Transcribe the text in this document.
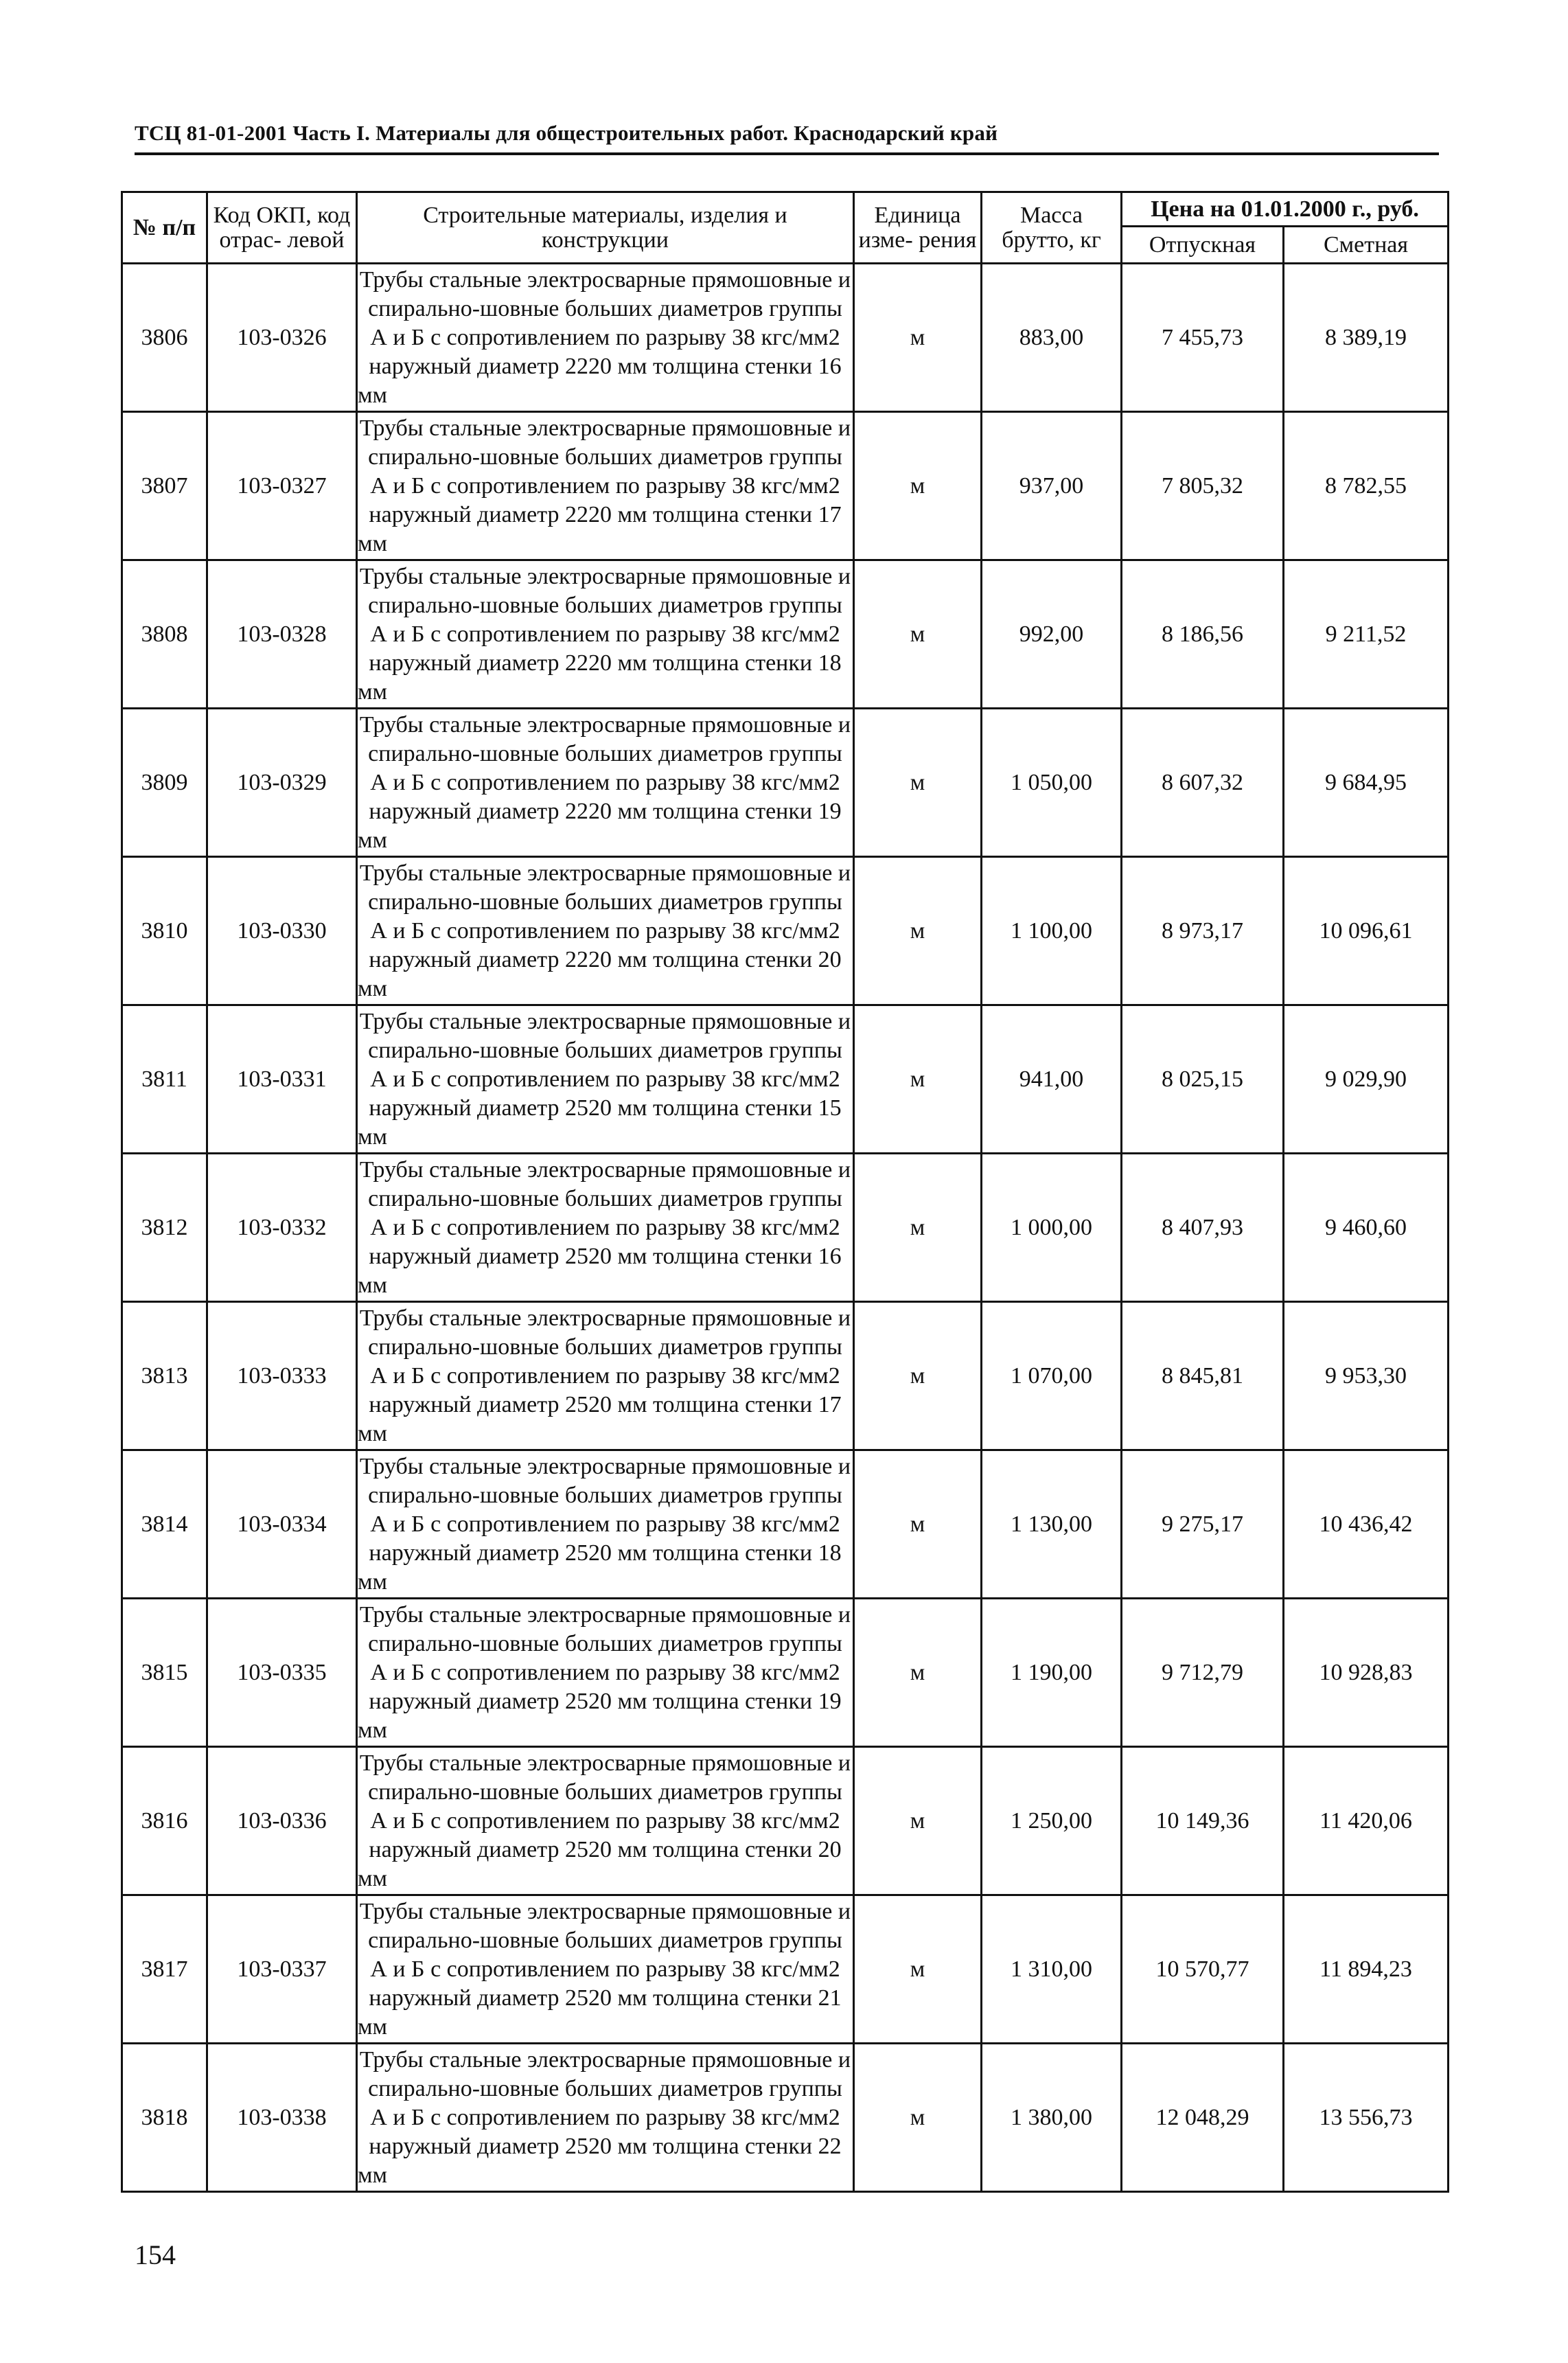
ТСЦ 81-01-2001 Часть I. Материалы для общестроительных работ. Краснодарский край
№ п/п	Код ОКП, код отрас- левой	Строительные материалы, изделия и конструкции	Единица изме- рения	Масса брутто, кг	Цена на 01.01.2000 г., руб.	
					Отпускная	Сметная
3806	103-0326	Трубы стальные электросварные прямошовные и спирально-шовные больших диаметров группы А и Б с сопротивлением по разрыву 38 кгс/мм2 наружный диаметр 2220 мм толщина стенки 16 мм	м	883,00	7 455,73	8 389,19
3807	103-0327	Трубы стальные электросварные прямошовные и спирально-шовные больших диаметров группы А и Б с сопротивлением по разрыву 38 кгс/мм2 наружный диаметр 2220 мм толщина стенки 17 мм	м	937,00	7 805,32	8 782,55
3808	103-0328	Трубы стальные электросварные прямошовные и спирально-шовные больших диаметров группы А и Б с сопротивлением по разрыву 38 кгс/мм2 наружный диаметр 2220 мм толщина стенки 18 мм	м	992,00	8 186,56	9 211,52
3809	103-0329	Трубы стальные электросварные прямошовные и спирально-шовные больших диаметров группы А и Б с сопротивлением по разрыву 38 кгс/мм2 наружный диаметр 2220 мм толщина стенки 19 мм	м	1 050,00	8 607,32	9 684,95
3810	103-0330	Трубы стальные электросварные прямошовные и спирально-шовные больших диаметров группы А и Б с сопротивлением по разрыву 38 кгс/мм2 наружный диаметр 2220 мм толщина стенки 20 мм	м	1 100,00	8 973,17	10 096,61
3811	103-0331	Трубы стальные электросварные прямошовные и спирально-шовные больших диаметров группы А и Б с сопротивлением по разрыву 38 кгс/мм2 наружный диаметр 2520 мм толщина стенки 15 мм	м	941,00	8 025,15	9 029,90
3812	103-0332	Трубы стальные электросварные прямошовные и спирально-шовные больших диаметров группы А и Б с сопротивлением по разрыву 38 кгс/мм2 наружный диаметр 2520 мм толщина стенки 16 мм	м	1 000,00	8 407,93	9 460,60
3813	103-0333	Трубы стальные электросварные прямошовные и спирально-шовные больших диаметров группы А и Б с сопротивлением по разрыву 38 кгс/мм2 наружный диаметр 2520 мм толщина стенки 17 мм	м	1 070,00	8 845,81	9 953,30
3814	103-0334	Трубы стальные электросварные прямошовные и спирально-шовные больших диаметров группы А и Б с сопротивлением по разрыву 38 кгс/мм2 наружный диаметр 2520 мм толщина стенки 18 мм	м	1 130,00	9 275,17	10 436,42
3815	103-0335	Трубы стальные электросварные прямошовные и спирально-шовные больших диаметров группы А и Б с сопротивлением по разрыву 38 кгс/мм2 наружный диаметр 2520 мм толщина стенки 19 мм	м	1 190,00	9 712,79	10 928,83
3816	103-0336	Трубы стальные электросварные прямошовные и спирально-шовные больших диаметров группы А и Б с сопротивлением по разрыву 38 кгс/мм2 наружный диаметр 2520 мм толщина стенки 20 мм	м	1 250,00	10 149,36	11 420,06
3817	103-0337	Трубы стальные электросварные прямошовные и спирально-шовные больших диаметров группы А и Б с сопротивлением по разрыву 38 кгс/мм2 наружный диаметр 2520 мм толщина стенки 21 мм	м	1 310,00	10 570,77	11 894,23
3818	103-0338	Трубы стальные электросварные прямошовные и спирально-шовные больших диаметров группы А и Б с сопротивлением по разрыву 38 кгс/мм2 наружный диаметр 2520 мм толщина стенки 22 мм	м	1 380,00	12 048,29	13 556,73
154
